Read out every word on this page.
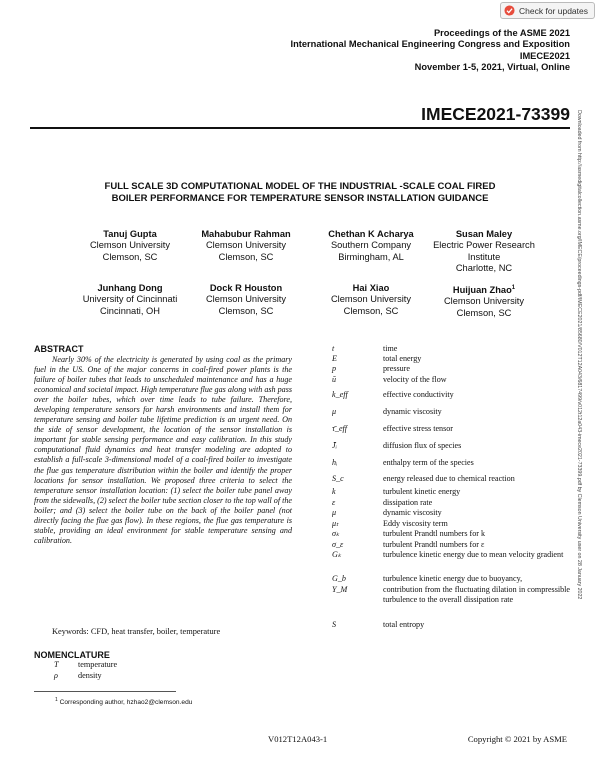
Check for updates
Proceedings of the ASME 2021
International Mechanical Engineering Congress and Exposition
IMECE2021
November 1-5, 2021, Virtual, Online
IMECE2021-73399 Downloaded from http://asmedigitalcollection.asme.org/IMECE/proceedings-pdf/IMECE2021/85680/V012T12A043/6817499/v012t12a043-imece2021-73399.pdf by Clemson University user on 28 January 2022
FULL SCALE 3D COMPUTATIONAL MODEL OF THE INDUSTRIAL -SCALE COAL FIRED
BOILER PERFORMANCE FOR TEMPERATURE SENSOR INSTALLATION GUIDANCE
Tanuj Gupta
Clemson University
Clemson, SC
Mahabubur Rahman
Clemson University
Clemson, SC
Chethan K Acharya
Southern Company
Birmingham, AL
Susan Maley
Electric Power Research
Institute
Charlotte, NC
Junhang Dong
University of Cincinnati
Cincinnati, OH
Dock R Houston
Clemson University
Clemson, SC
Hai Xiao
Clemson University
Clemson, SC
Huijuan Zhao$^1$
Clemson University
Clemson, SC
ABSTRACT
Nearly 30% of the electricity is generated by using coal as the primary fuel in the US. One of the major concerns in coal-fired power plants is the failure of boiler tubes that leads to unscheduled maintenance and has a huge economical and societal impact. High temperature flue gas along with ash pass over the boiler tubes, which over time leads to tube failure. Therefore, developing temperature sensors for harsh environments and install them for temperature sensing and boiler tube lifetime prediction is an urgent need. On the side of sensor development, the location of the sensor installation is important for stable sensing performance and easy calibration. In this study computational fluid dynamics and heat transfer modeling are adopted to establish a full-scale 3-dimensional model of a coal-fired boiler to investigate the flue gas temperature distribution within the boiler and identify the proper locations for sensor installation. We proposed three criteria to select the temperature sensor installation location: (1) select the boiler tube panel away from the sidewalls, (2) select the boiler tube section closer to the top wall of the boiler; and (3) select the boiler tube on the back of the boiler panel (not directly facing the flue gas flow). In these regions, the flue gas temperature is stable, providing an ideal environment for stable temperature sensing and calibration.
Keywords: CFD, heat transfer, boiler, temperature
NOMENCLATURE
T temperature
ρ density
$^1$ Corresponding author, hzhao2@clemson.edu
t	time
E	total energy
p	pressure
ū	velocity of the flow
k_eff	effective conductivity
μ	dynamic viscosity
τ̄_eff	effective stress tensor
J̄ᵢ	diffusion flux of species
hᵢ	enthalpy term of the species
S_c	energy released due to chemical reaction
k	turbulent kinetic energy
ε	dissipation rate
μ	dynamic viscosity
μₜ	Eddy viscosity term
σₖ	turbulent Prandtl numbers for k
σ_ε	turbulent Prandtl numbers for ε
Gₖ	turbulence kinetic energy due to mean velocity gradient
G_b	turbulence kinetic energy due to buoyancy,
Y_M	contribution from the fluctuating dilation in compressible turbulence to the overall dissipation rate
S	total entropy
V012T12A043-1	Copyright © 2021 by ASME
